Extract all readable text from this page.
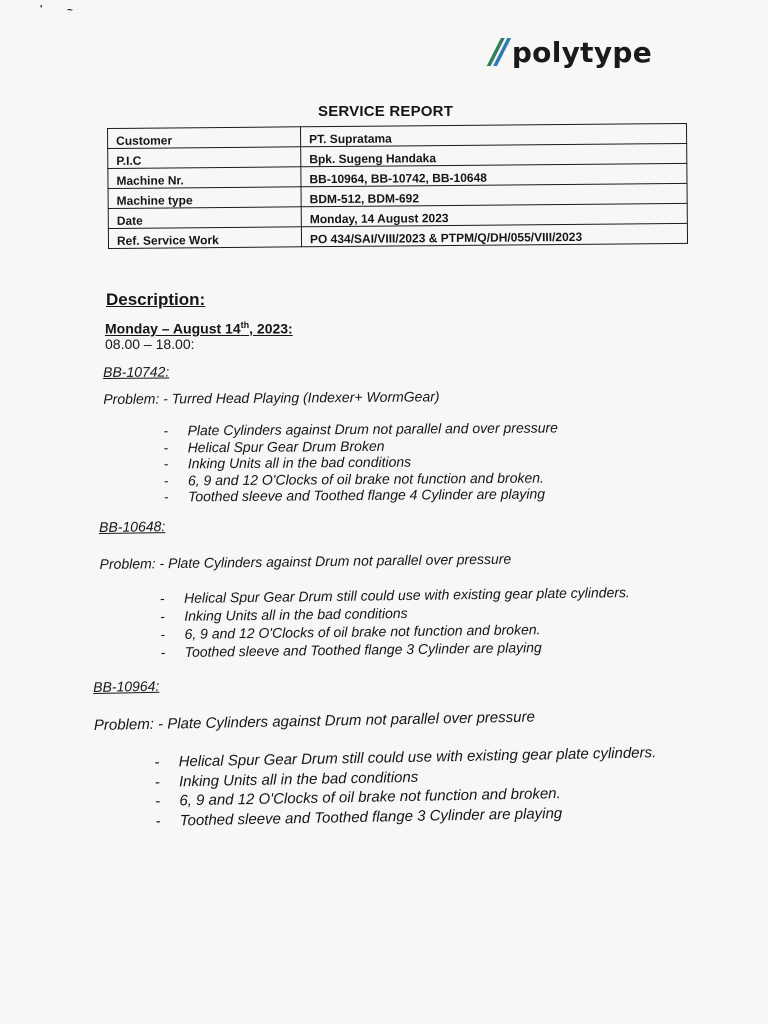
' ~
// polytype
SERVICE REPORT
Customer	PT. Supratama
P.I.C	Bpk. Sugeng Handaka
Machine Nr.	BB-10964, BB-10742, BB-10648
Machine type	BDM-512, BDM-692
Date	Monday, 14 August 2023
Ref. Service Work	PO 434/SAI/VIII/2023 & PTPM/Q/DH/055/VIII/2023
Description:
Monday – August 14th, 2023:
08.00 – 18.00:
BB-10742:
Problem: - Turred Head Playing (Indexer+ WormGear)
- Plate Cylinders against Drum not parallel and over pressure
- Helical Spur Gear Drum Broken
- Inking Units all in the bad conditions
- 6, 9 and 12 O'Clocks of oil brake not function and broken.
- Toothed sleeve and Toothed flange 4 Cylinder are playing
BB-10648:
Problem: - Plate Cylinders against Drum not parallel over pressure
- Helical Spur Gear Drum still could use with existing gear plate cylinders.
- Inking Units all in the bad conditions
- 6, 9 and 12 O'Clocks of oil brake not function and broken.
- Toothed sleeve and Toothed flange 3 Cylinder are playing
BB-10964:
Problem: - Plate Cylinders against Drum not parallel over pressure
- Helical Spur Gear Drum still could use with existing gear plate cylinders.
- Inking Units all in the bad conditions
- 6, 9 and 12 O'Clocks of oil brake not function and broken.
- Toothed sleeve and Toothed flange 3 Cylinder are playing
